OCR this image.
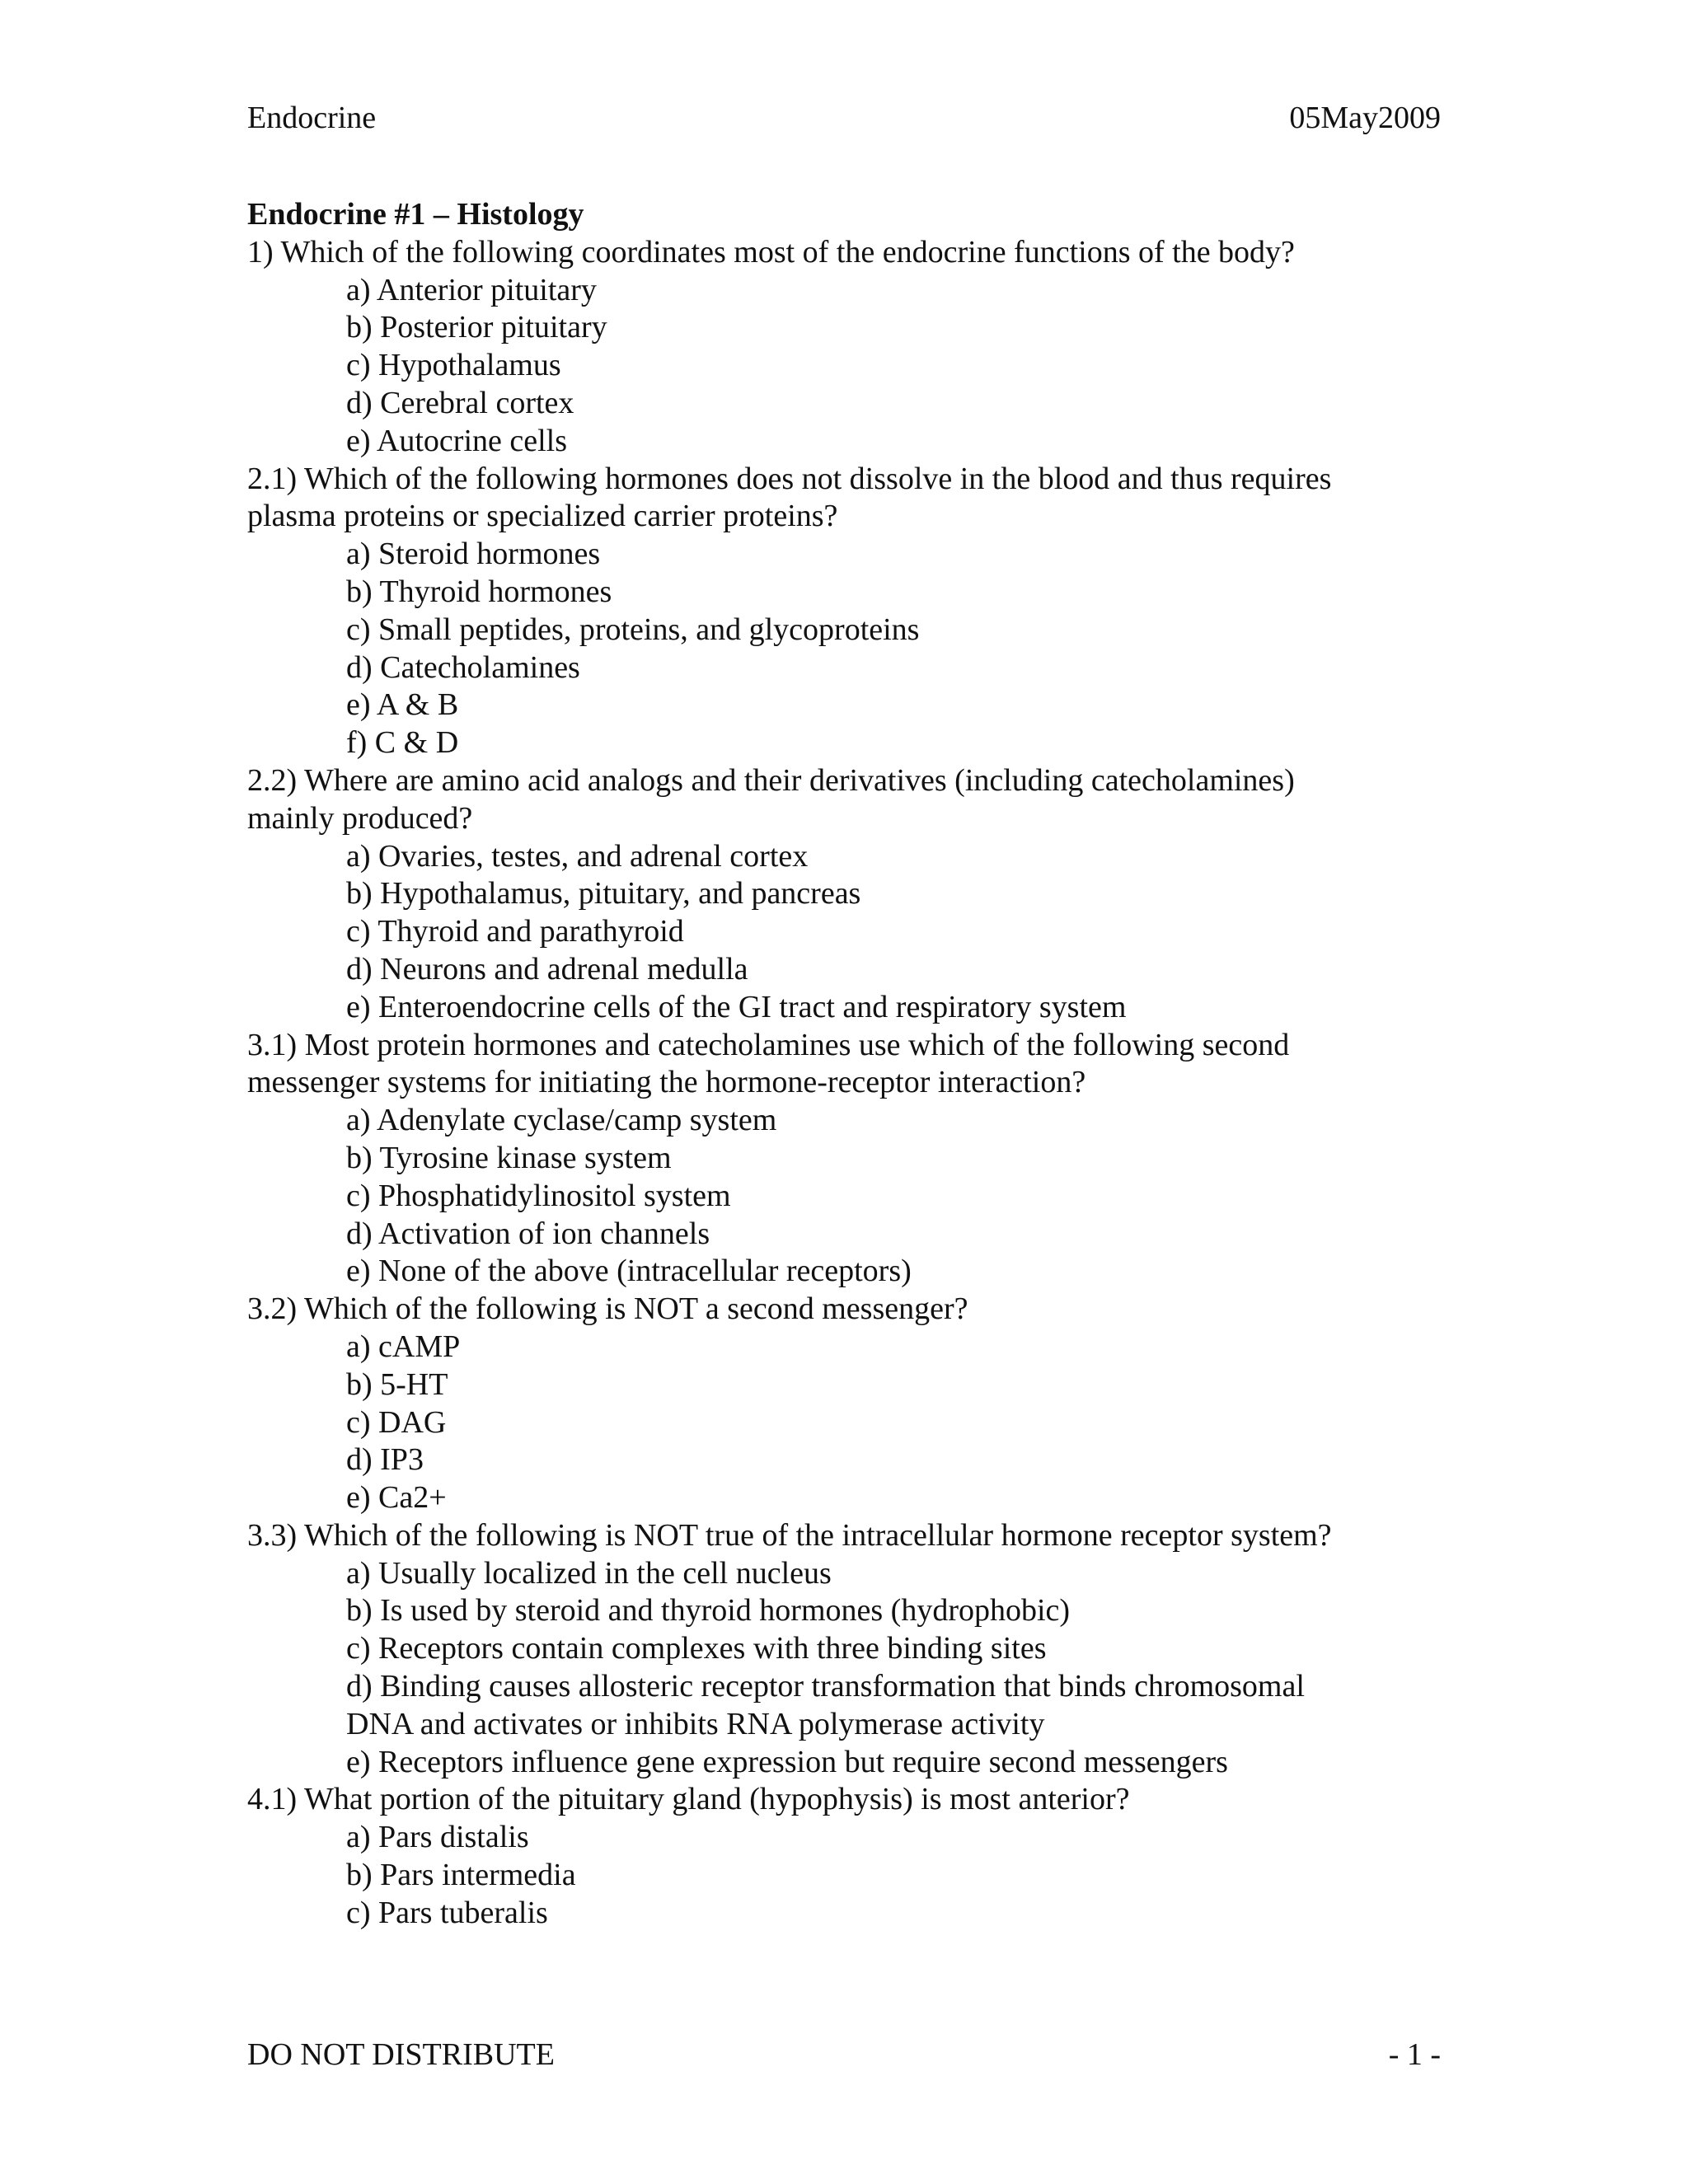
Endocrine	05May2009
Endocrine #1 – Histology
1) Which of the following coordinates most of the endocrine functions of the body?
a) Anterior pituitary
b) Posterior pituitary
c) Hypothalamus
d) Cerebral cortex
e) Autocrine cells
2.1) Which of the following hormones does not dissolve in the blood and thus requires
plasma proteins or specialized carrier proteins?
a) Steroid hormones
b) Thyroid hormones
c) Small peptides, proteins, and glycoproteins
d) Catecholamines
e) A & B
f) C & D
2.2) Where are amino acid analogs and their derivatives (including catecholamines)
mainly produced?
a) Ovaries, testes, and adrenal cortex
b) Hypothalamus, pituitary, and pancreas
c) Thyroid and parathyroid
d) Neurons and adrenal medulla
e) Enteroendocrine cells of the GI tract and respiratory system
3.1) Most protein hormones and catecholamines use which of the following second
messenger systems for initiating the hormone-receptor interaction?
a) Adenylate cyclase/camp system
b) Tyrosine kinase system
c) Phosphatidylinositol system
d) Activation of ion channels
e) None of the above (intracellular receptors)
3.2) Which of the following is NOT a second messenger?
a) cAMP
b) 5-HT
c) DAG
d) IP3
e) Ca2+
3.3) Which of the following is NOT true of the intracellular hormone receptor system?
a) Usually localized in the cell nucleus
b) Is used by steroid and thyroid hormones (hydrophobic)
c) Receptors contain complexes with three binding sites
d) Binding causes allosteric receptor transformation that binds chromosomal
DNA and activates or inhibits RNA polymerase activity
e) Receptors influence gene expression but require second messengers
4.1) What portion of the pituitary gland (hypophysis) is most anterior?
a) Pars distalis
b) Pars intermedia
c) Pars tuberalis
DO NOT DISTRIBUTE	- 1 -
